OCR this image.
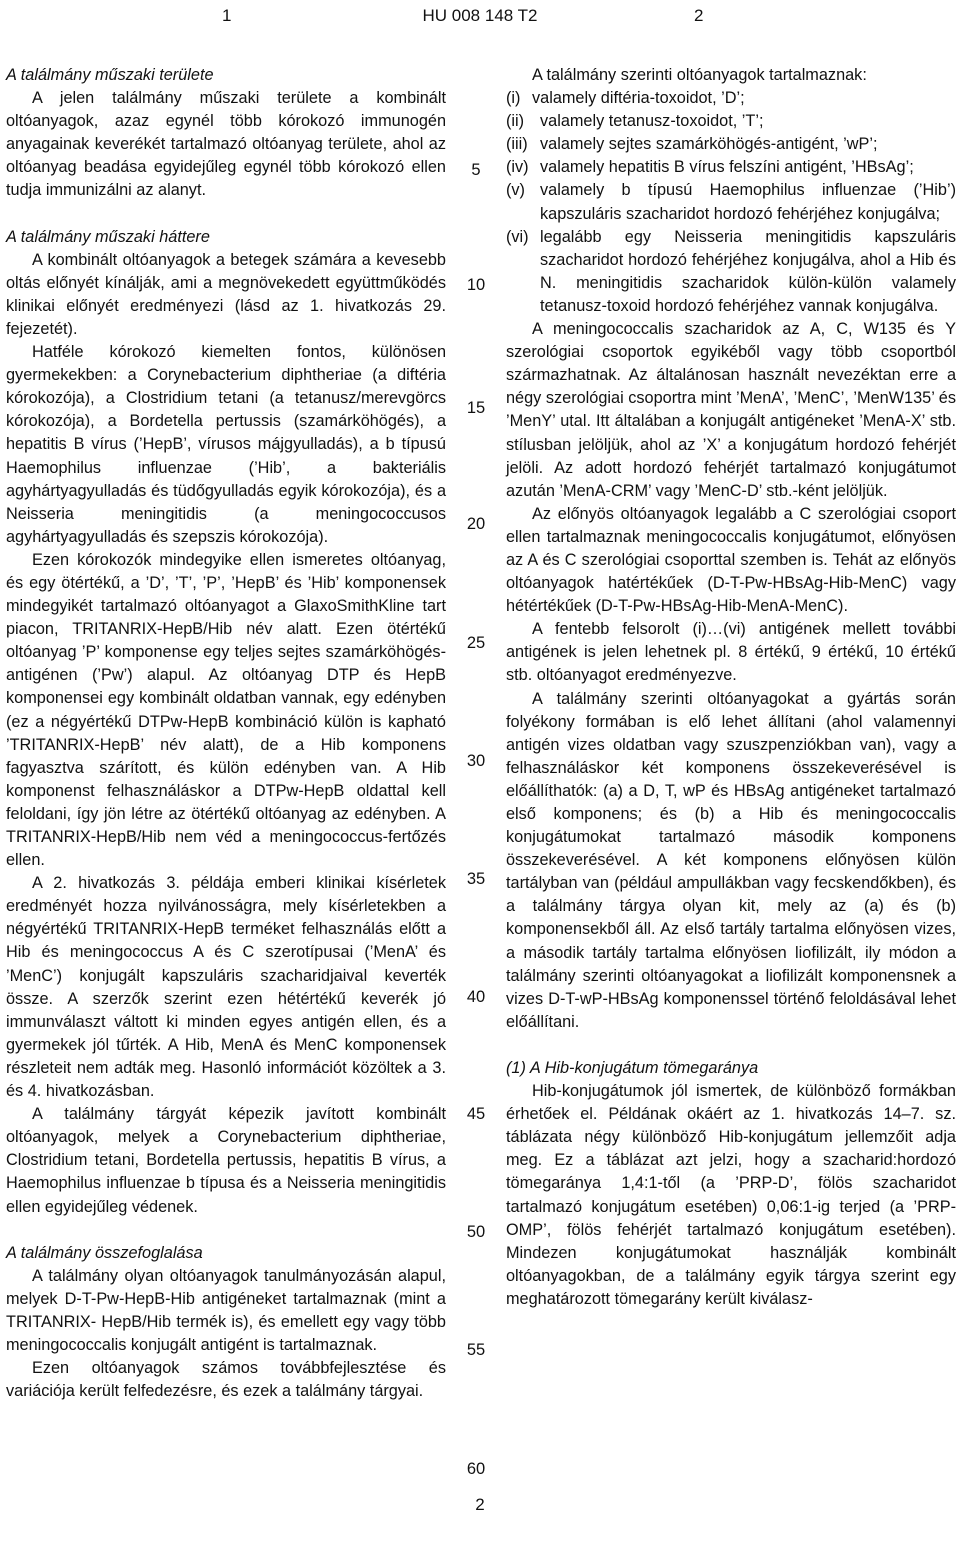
1	HU 008 148 T2	2

A találmány műszaki területe

A jelen találmány műszaki területe a kombinált oltóanyagok, azaz egynél több kórokozó immunogén anyagainak keverékét tartalmazó oltóanyag területe, ahol az oltóanyag beadása egyidejűleg egynél több kórokozó ellen tudja immunizálni az alanyt.

A találmány műszaki háttere

A kombinált oltóanyagok a betegek számára a kevesebb oltás előnyét kínálják, ami a megnövekedett együttműködés klinikai előnyét eredményezi (lásd az 1. hivatkozás 29. fejezetét).

Hatféle kórokozó kiemelten fontos, különösen gyermekekben: a Corynebacterium diphtheriae (a diftéria kórokozója), a Clostridium tetani (a tetanusz/merevgörcs kórokozója), a Bordetella pertussis (szamárköhögés), a hepatitis B vírus (’HepB’, vírusos májgyulladás), a b típusú Haemophilus influenzae (’Hib’, a bakteriális agyhártyagyulladás és tüdőgyulladás egyik kórokozója), és a Neisseria meningitidis (a meningococcusos agyhártyagyulladás és szepszis kórokozója).

Ezen kórokozók mindegyike ellen ismeretes oltóanyag, és egy ötértékű, a ’D’, ’T’, ’P’, ’HepB’ és ’Hib’ komponensek mindegyikét tartalmazó oltóanyagot a GlaxoSmithKline tart piacon, TRITANRIX-HepB/Hib név alatt. Ezen ötértékű oltóanyag ’P’ komponense egy teljes sejtes szamárköhögés-antigénen (’Pw’) alapul. Az oltóanyag DTP és HepB komponensei egy kombinált oldatban vannak, egy edényben (ez a négyértékű DTPw-HepB kombináció külön is kapható ’TRITANRIX-HepB’ név alatt), de a Hib komponens fagyasztva szárított, és külön edényben van. A Hib komponenst felhasználáskor a DTPw-HepB oldattal kell feloldani, így jön létre az ötértékű oltóanyag az edényben. A TRITANRIX-HepB/Hib nem véd a meningococcus-fertőzés ellen.

A 2. hivatkozás 3. példája emberi klinikai kísérletek eredményét hozza nyilvánosságra, mely kísérletekben a négyértékű TRITANRIX-HepB terméket felhasználás előtt a Hib és meningococcus A és C szerotípusai (’MenA’ és ’MenC’) konjugált kapszuláris szacharidjaival keverték össze. A szerzők szerint ezen hétértékű keverék jó immunválaszt váltott ki minden egyes antigén ellen, és a gyermekek jól tűrték. A Hib, MenA és MenC komponensek részleteit nem adták meg. Hasonló információt közöltek a 3. és 4. hivatkozásban.

A találmány tárgyát képezik javított kombinált oltóanyagok, melyek a Corynebacterium diphtheriae, Clostridium tetani, Bordetella pertussis, hepatitis B vírus, a Haemophilus influenzae b típusa és a Neisseria meningitidis ellen egyidejűleg védenek.

A találmány összefoglalása

A találmány olyan oltóanyagok tanulmányozásán alapul, melyek D-T-Pw-HepB-Hib antigéneket tartalmaznak (mint a TRITANRIX- HepB/Hib termék is), és emellett egy vagy több meningococcalis konjugált antigént is tartalmaznak.

Ezen oltóanyagok számos továbbfejlesztése és variációja került felfedezésre, és ezek a találmány tárgyai.

A találmány szerinti oltóanyagok tartalmaznak:

(i) valamely diftéria-toxoidot, ’D’;
(ii) valamely tetanusz-toxoidot, ’T’;
(iii) valamely sejtes szamárköhögés-antigént, ’wP’;
(iv) valamely hepatitis B vírus felszíni antigént, ’HBsAg’;
(v) valamely b típusú Haemophilus influenzae (’Hib’) kapszuláris szacharidot hordozó fehérjéhez konjugálva;
(vi) legalább egy Neisseria meningitidis kapszuláris szacharidot hordozó fehérjéhez konjugálva, ahol a Hib és N. meningitidis szacharidok külön-külön valamely tetanusz-toxoid hordozó fehérjéhez vannak konjugálva.

A meningococcalis szacharidok az A, C, W135 és Y szerológiai csoportok egyikéből vagy több csoportból származhatnak. Az általánosan használt nevezéktan erre a négy szerológiai csoportra mint ’MenA’, ’MenC’, ’MenW135’ és ’MenY’ utal. Itt általában a konjugált antigéneket ’MenA-X’ stb. stílusban jelöljük, ahol az ’X’ a konjugátum hordozó fehérjét jelöli. Az adott hordozó fehérjét tartalmazó konjugátumot azután ’MenA-CRM’ vagy ’MenC-D’ stb.-ként jelöljük.

Az előnyös oltóanyagok legalább a C szerológiai csoport ellen tartalmaznak meningococcalis konjugátumot, előnyösen az A és C szerológiai csoporttal szemben is. Tehát az előnyös oltóanyagok hatértékűek (D-T-Pw-HBsAg-Hib-MenC) vagy hétértékűek (D-T-Pw-HBsAg-Hib-MenA-MenC).

A fentebb felsorolt (i)…(vi) antigének mellett további antigének is jelen lehetnek pl. 8 értékű, 9 értékű, 10 értékű stb. oltóanyagot eredményezve.

A találmány szerinti oltóanyagokat a gyártás során folyékony formában is elő lehet állítani (ahol valamennyi antigén vizes oldatban vagy szuszpenziókban van), vagy a felhasználáskor két komponens összekeverésével is előállíthatók: (a) a D, T, wP és HBsAg antigéneket tartalmazó első komponens; és (b) a Hib és meningococcalis konjugátumokat tartalmazó második komponens összekeverésével. A két komponens előnyösen külön tartályban van (például ampullákban vagy fecskendőkben), és a találmány tárgya olyan kit, mely az (a) és (b) komponensekből áll. Az első tartály tartalma előnyösen vizes, a második tartály tartalma előnyösen liofilizált, ily módon a találmány szerinti oltóanyagokat a liofilizált komponensnek a vizes D-T-wP-HBsAg komponenssel történő feloldásával lehet előállítani.

(1) A Hib-konjugátum tömegaránya

Hib-konjugátumok jól ismertek, de különböző formákban érhetőek el. Példának okáért az 1. hivatkozás 14–7. sz. táblázata négy különböző Hib-konjugátum jellemzőit adja meg. Ez a táblázat azt jelzi, hogy a szacharid:hordozó tömegaránya 1,4:1-től (a ’PRP-D’, fölös szacharidot tartalmazó konjugátum esetében) 0,06:1-ig terjed (a ’PRP-OMP’, fölös fehérjét tartalmazó konjugátum esetében). Mindezen konjugátumokat használják kombinált oltóanyagokban, de a találmány egyik tárgya szerint egy meghatározott tömegarány került kiválasz-

5
10
15
20
25
30
35
40
45
50
55
60
2
